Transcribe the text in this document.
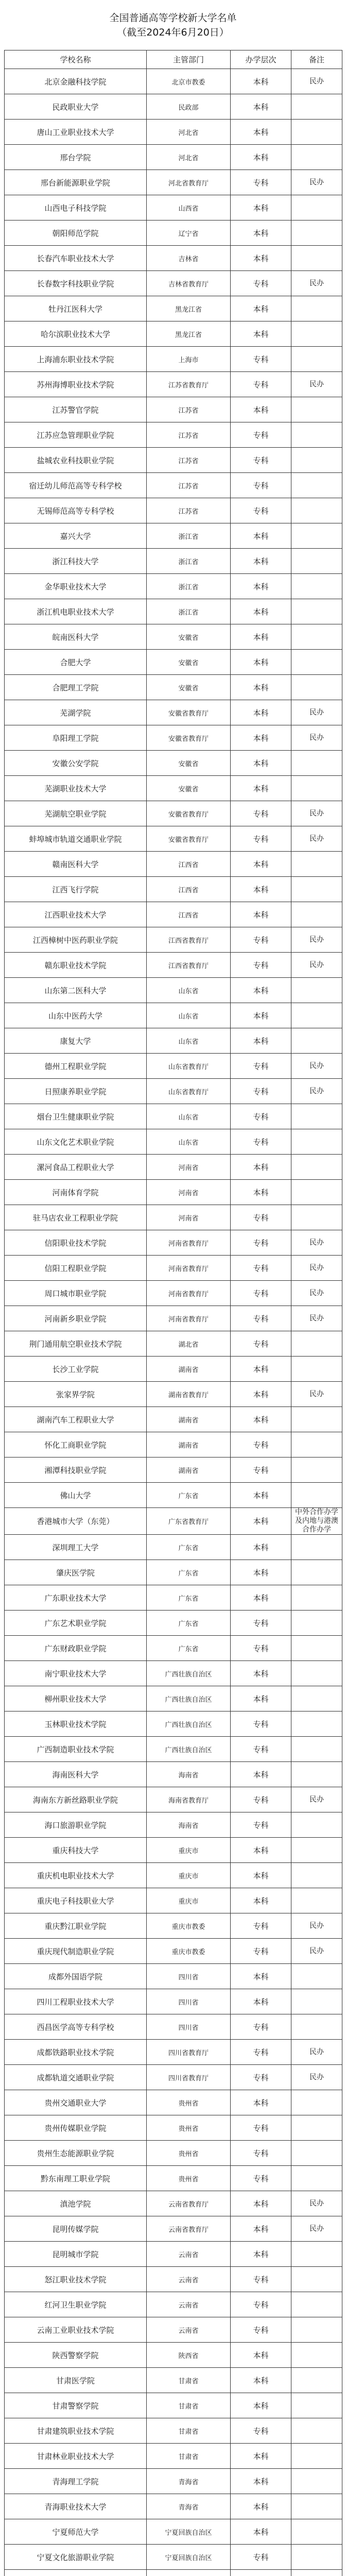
全国普通高等学校新大学名单
（截至2024年6月20日）
学校名称	主管部门	办学层次	备注
北京金融科技学院	北京市教委	本科	民办
民政职业大学	民政部	本科	
唐山工业职业技术大学	河北省	本科	
邢台学院	河北省	本科	
邢台新能源职业学院	河北省教育厅	专科	民办
山西电子科技学院	山西省	本科	
朝阳师范学院	辽宁省	本科	
长春汽车职业技术大学	吉林省	本科	
长春数字科技职业学院	吉林省教育厅	专科	民办
牡丹江医科大学	黑龙江省	本科	
哈尔滨职业技术大学	黑龙江省	本科	
上海浦东职业技术学院	上海市	专科	
苏州海博职业技术学院	江苏省教育厅	专科	民办
江苏警官学院	江苏省	本科	
江苏应急管理职业学院	江苏省	专科	
盐城农业科技职业学院	江苏省	专科	
宿迁幼儿师范高等专科学校	江苏省	专科	
无锡师范高等专科学校	江苏省	专科	
嘉兴大学	浙江省	本科	
浙江科技大学	浙江省	本科	
金华职业技术大学	浙江省	本科	
浙江机电职业技术大学	浙江省	本科	
皖南医科大学	安徽省	本科	
合肥大学	安徽省	本科	
合肥理工学院	安徽省	本科	
芜湖学院	安徽省教育厅	本科	民办
阜阳理工学院	安徽省教育厅	本科	民办
安徽公安学院	安徽省	本科	
芜湖职业技术大学	安徽省	本科	
芜湖航空职业学院	安徽省教育厅	专科	民办
蚌埠城市轨道交通职业学院	安徽省教育厅	专科	民办
赣南医科大学	江西省	本科	
江西飞行学院	江西省	本科	
江西职业技术大学	江西省	本科	
江西樟树中医药职业学院	江西省教育厅	专科	民办
赣东职业技术学院	江西省教育厅	专科	民办
山东第二医科大学	山东省	本科	
山东中医药大学	山东省	本科	
康复大学	山东省	本科	
德州工程职业学院	山东省教育厅	专科	民办
日照康养职业学院	山东省教育厅	专科	民办
烟台卫生健康职业学院	山东省	专科	
山东文化艺术职业学院	山东省	专科	
漯河食品工程职业大学	河南省	本科	
河南体育学院	河南省	本科	
驻马店农业工程职业学院	河南省	专科	
信阳职业技术学院	河南省教育厅	专科	民办
信阳工程职业学院	河南省教育厅	专科	民办
周口城市职业学院	河南省教育厅	专科	民办
河南新乡职业学院	河南省教育厅	专科	民办
荆门通用航空职业技术学院	湖北省	专科	
长沙工业学院	湖南省	本科	
张家界学院	湖南省教育厅	本科	民办
湖南汽车工程职业大学	湖南省	本科	
怀化工商职业学院	湖南省	专科	
湘潭科技职业学院	湖南省	专科	
佛山大学	广东省	本科	
香港城市大学（东莞）	广东省教育厅	本科	中外合作办学及内地与港澳合作办学
深圳理工大学	广东省	本科	
肇庆医学院	广东省	本科	
广东职业技术大学	广东省	本科	
广东艺术职业学院	广东省	专科	
广东财政职业学院	广东省	专科	
南宁职业技术大学	广西壮族自治区	本科	
柳州职业技术大学	广西壮族自治区	本科	
玉林职业技术学院	广西壮族自治区	专科	
广西制造职业技术学院	广西壮族自治区	专科	
海南医科大学	海南省	本科	
海南东方新丝路职业学院	海南省教育厅	专科	民办
海口旅游职业学院	海南省	专科	
重庆科技大学	重庆市	本科	
重庆机电职业技术大学	重庆市	本科	
重庆电子科技职业大学	重庆市	本科	
重庆黔江职业学院	重庆市教委	专科	民办
重庆现代制造职业学院	重庆市教委	专科	民办
成都外国语学院	四川省	本科	
四川工程职业技术大学	四川省	本科	
西昌医学高等专科学校	四川省	专科	
成都铁路职业技术学院	四川省教育厅	专科	民办
成都轨道交通职业学院	四川省教育厅	专科	民办
贵州交通职业大学	贵州省	本科	
贵州传媒职业学院	贵州省	专科	
贵州生态能源职业学院	贵州省	专科	
黔东南理工职业学院	贵州省	专科	
滇池学院	云南省教育厅	本科	民办
昆明传媒学院	云南省教育厅	本科	民办
昆明城市学院	云南省	本科	
怒江职业技术学院	云南省	专科	
红河卫生职业学院	云南省	专科	
云南工业职业技术学院	云南省	专科	
陕西警察学院	陕西省	本科	
甘肃医学院	甘肃省	本科	
甘肃警察学院	甘肃省	本科	
甘肃建筑职业技术学院	甘肃省	专科	
甘肃林业职业技术大学	甘肃省	本科	
青海理工学院	青海省	本科	
青海职业技术大学	青海省	本科	
宁夏师范大学	宁夏回族自治区	本科	
宁夏文化旅游职业学院	宁夏回族自治区	专科	
